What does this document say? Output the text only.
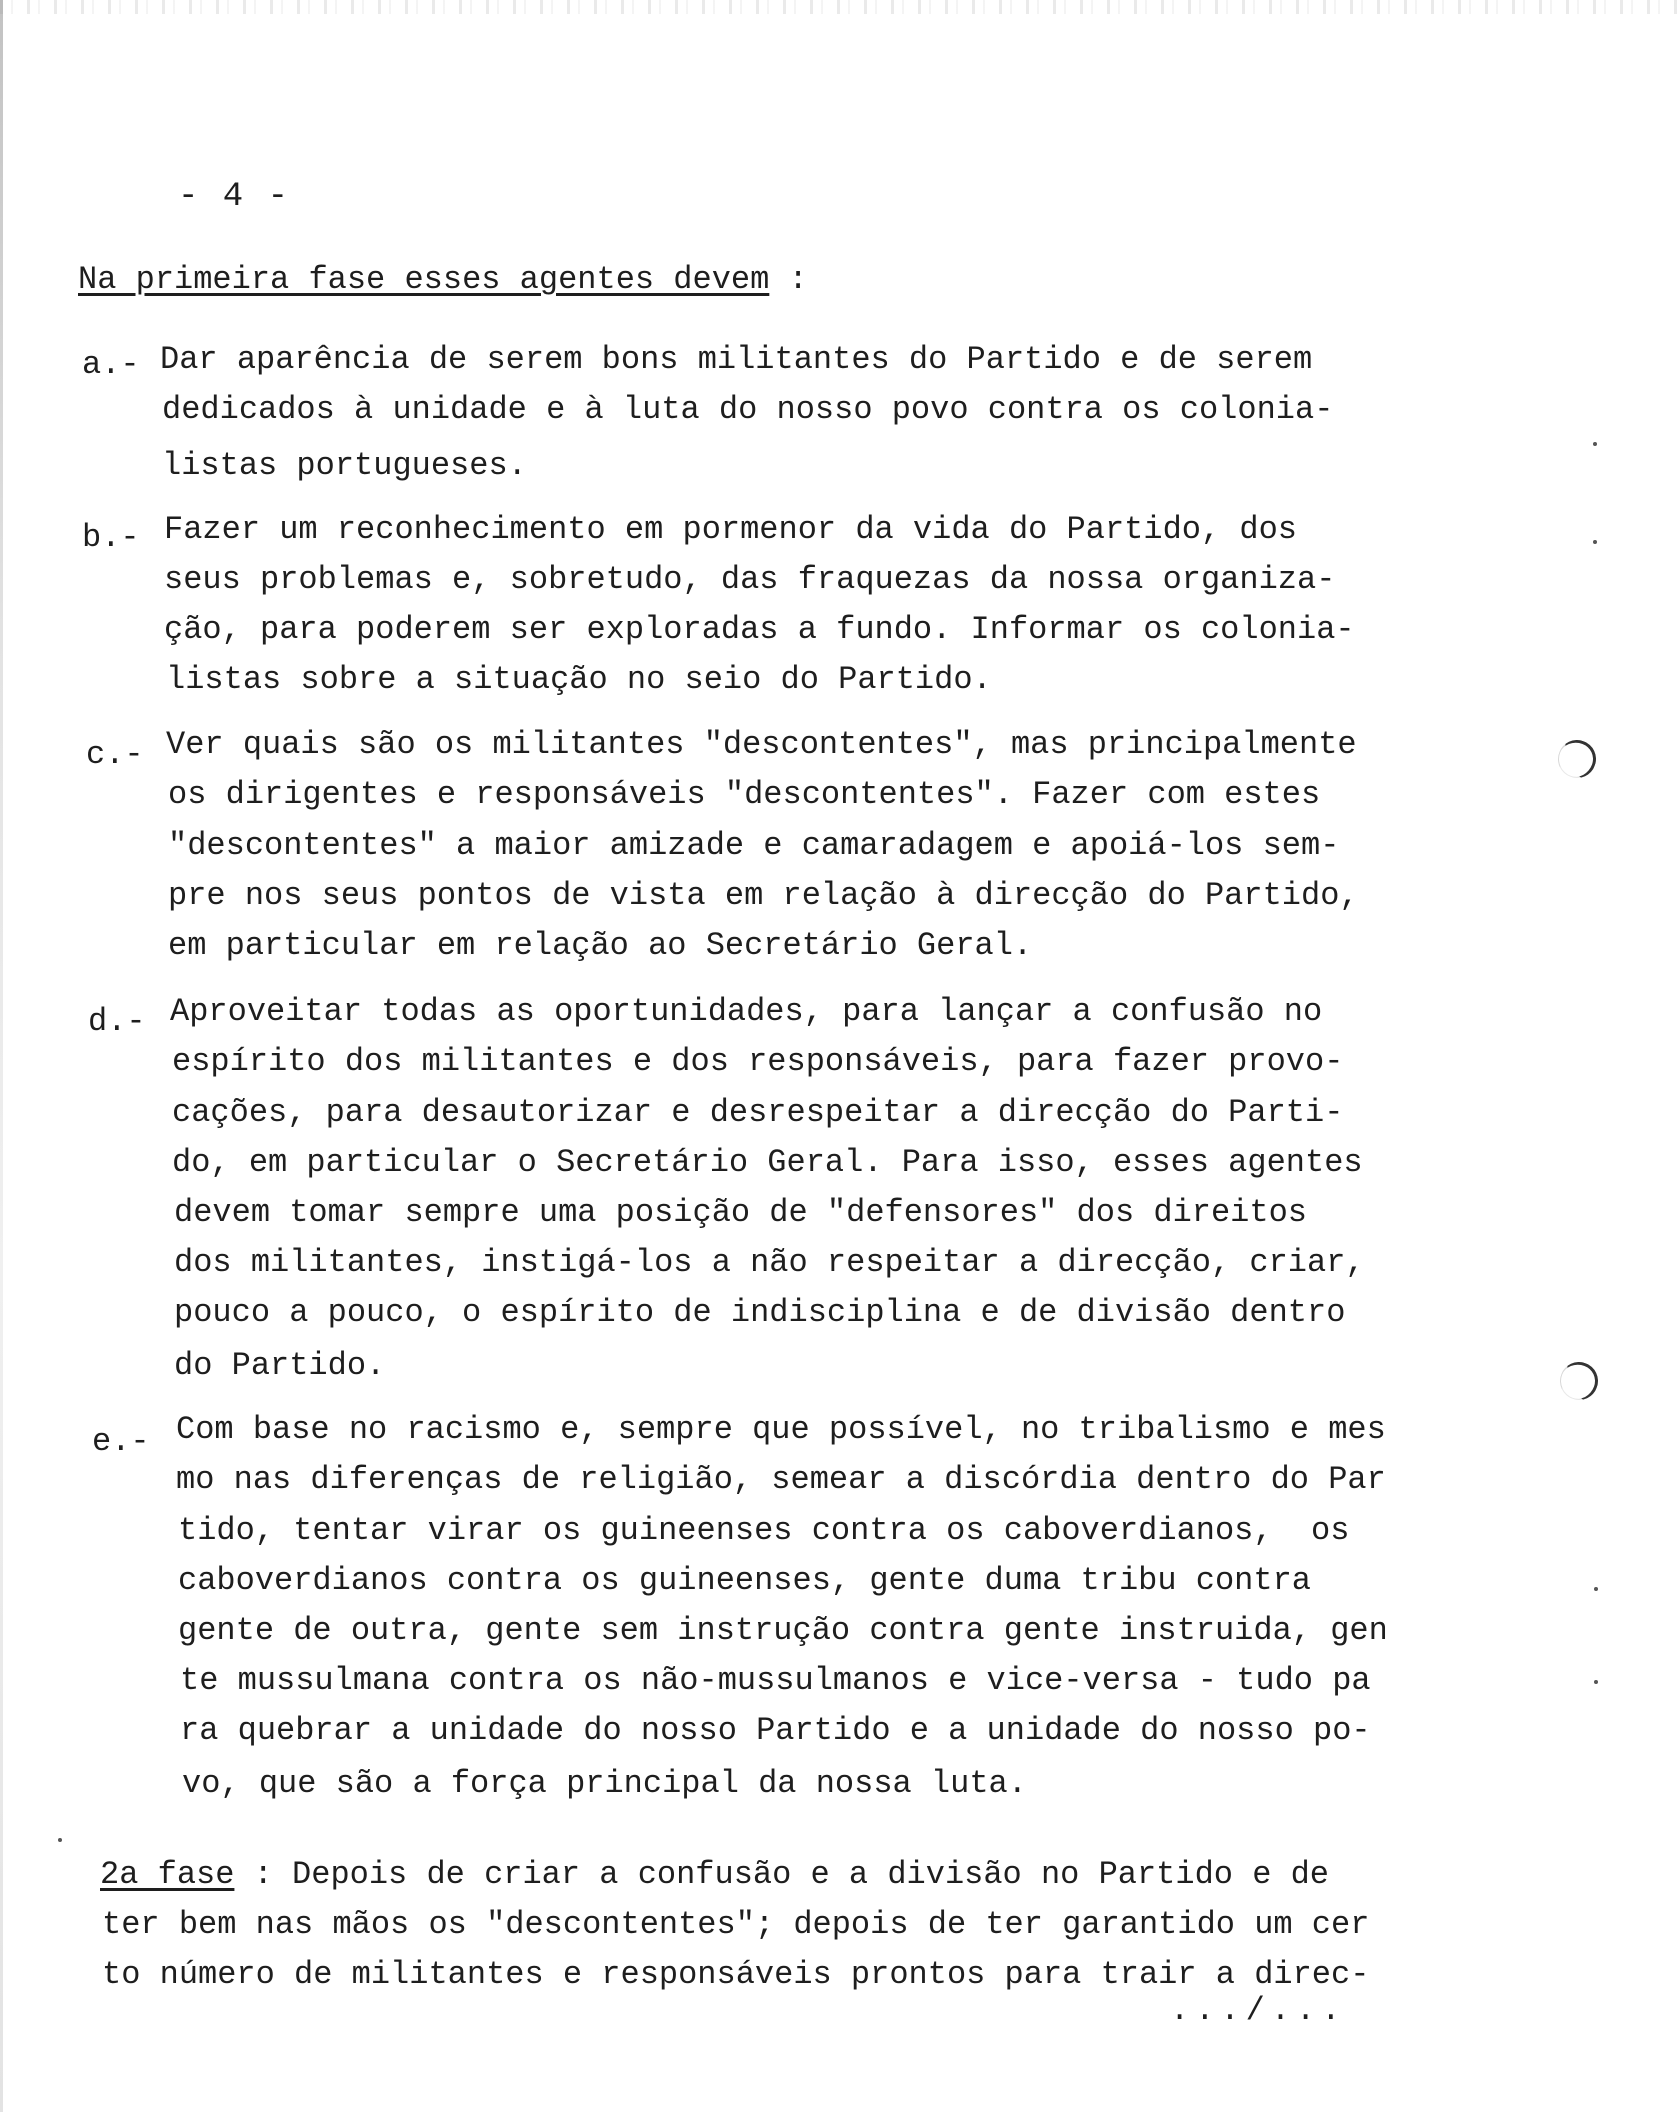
- 4 -
Na primeira fase esses agentes devem :
a.- Dar aparência de serem bons militantes do Partido e de serem
dedicados à unidade e à luta do nosso povo contra os colonia-
listas portugueses.
b.- Fazer um reconhecimento em pormenor da vida do Partido, dos
seus problemas e, sobretudo, das fraquezas da nossa organiza-
ção, para poderem ser exploradas a fundo. Informar os colonia-
listas sobre a situação no seio do Partido.
c.- Ver quais são os militantes "descontentes", mas principalmente
os dirigentes e responsáveis "descontentes". Fazer com estes
"descontentes" a maior amizade e camaradagem e apoiá-los sem-
pre nos seus pontos de vista em relação à direcção do Partido,
em particular em relação ao Secretário Geral.
d.- Aproveitar todas as oportunidades, para lançar a confusão no
espírito dos militantes e dos responsáveis, para fazer provo-
cações, para desautorizar e desrespeitar a direcção do Parti-
do, em particular o Secretário Geral. Para isso, esses agentes
devem tomar sempre uma posição de "defensores" dos direitos
dos militantes, instigá-los a não respeitar a direcção, criar,
pouco a pouco, o espírito de indisciplina e de divisão dentro
do Partido.
e.- Com base no racismo e, sempre que possível, no tribalismo e mes
mo nas diferenças de religião, semear a discórdia dentro do Par
tido, tentar virar os guineenses contra os caboverdianos,  os
caboverdianos contra os guineenses, gente duma tribu contra
gente de outra, gente sem instrução contra gente instruida, gen
te mussulmana contra os não-mussulmanos e vice-versa - tudo pa
ra quebrar a unidade do nosso Partido e a unidade do nosso po-
vo, que são a força principal da nossa luta.
2a fase : Depois de criar a confusão e a divisão no Partido e de
ter bem nas mãos os "descontentes"; depois de ter garantido um cer
to número de militantes e responsáveis prontos para trair a direc-
.../...
